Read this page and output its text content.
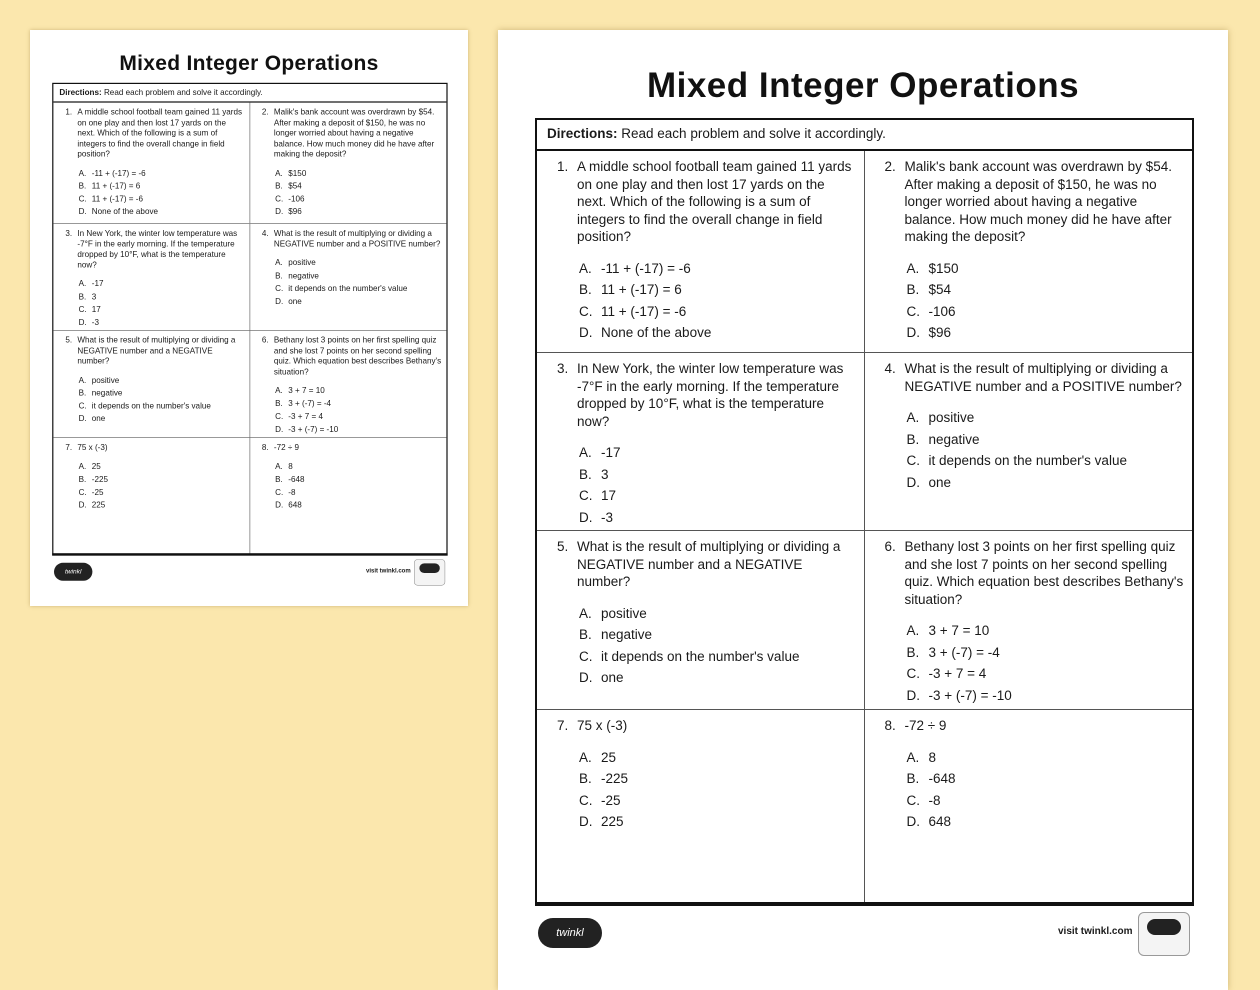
Mixed Integer Operations
Directions: Read each problem and solve it accordingly.
1. A middle school football team gained 11 yards on one play and then lost 17 yards on the next. Which of the following is a sum of integers to find the overall change in field position?
A. -11 + (-17) = -6
B. 11 + (-17) = 6
C. 11 + (-17) = -6
D. None of the above
2. Malik's bank account was overdrawn by $54. After making a deposit of $150, he was no longer worried about having a negative balance. How much money did he have after making the deposit?
A. $150
B. $54
C. -106
D. $96
3. In New York, the winter low temperature was -7°F in the early morning. If the temperature dropped by 10°F, what is the temperature now?
A. -17
B. 3
C. 17
D. -3
4. What is the result of multiplying or dividing a NEGATIVE number and a POSITIVE number?
A. positive
B. negative
C. it depends on the number's value
D. one
5. What is the result of multiplying or dividing a NEGATIVE number and a NEGATIVE number?
A. positive
B. negative
C. it depends on the number's value
D. one
6. Bethany lost 3 points on her first spelling quiz and she lost 7 points on her second spelling quiz. Which equation best describes Bethany's situation?
A. 3 + 7 = 10
B. 3 + (-7) = -4
C. -3 + 7 = 4
D. -3 + (-7) = -10
7. 75 x (-3)
A. 25
B. -225
C. -25
D. 225
8. -72 ÷ 9
A. 8
B. -648
C. -8
D. 648
twinkl	visit twinkl.com
Mixed Integer Operations
Directions: Read each problem and solve it accordingly.
1. A middle school football team gained 11 yards on one play and then lost 17 yards on the next. Which of the following is a sum of integers to find the overall change in field position?
A. -11 + (-17) = -6
B. 11 + (-17) = 6
C. 11 + (-17) = -6
D. None of the above
2. Malik's bank account was overdrawn by $54. After making a deposit of $150, he was no longer worried about having a negative balance. How much money did he have after making the deposit?
A. $150
B. $54
C. -106
D. $96
3. In New York, the winter low temperature was -7°F in the early morning. If the temperature dropped by 10°F, what is the temperature now?
A. -17
B. 3
C. 17
D. -3
4. What is the result of multiplying or dividing a NEGATIVE number and a POSITIVE number?
A. positive
B. negative
C. it depends on the number's value
D. one
5. What is the result of multiplying or dividing a NEGATIVE number and a NEGATIVE number?
A. positive
B. negative
C. it depends on the number's value
D. one
6. Bethany lost 3 points on her first spelling quiz and she lost 7 points on her second spelling quiz. Which equation best describes Bethany's situation?
A. 3 + 7 = 10
B. 3 + (-7) = -4
C. -3 + 7 = 4
D. -3 + (-7) = -10
7. 75 x (-3)
A. 25
B. -225
C. -25
D. 225
8. -72 ÷ 9
A. 8
B. -648
C. -8
D. 648
twinkl	visit twinkl.com
